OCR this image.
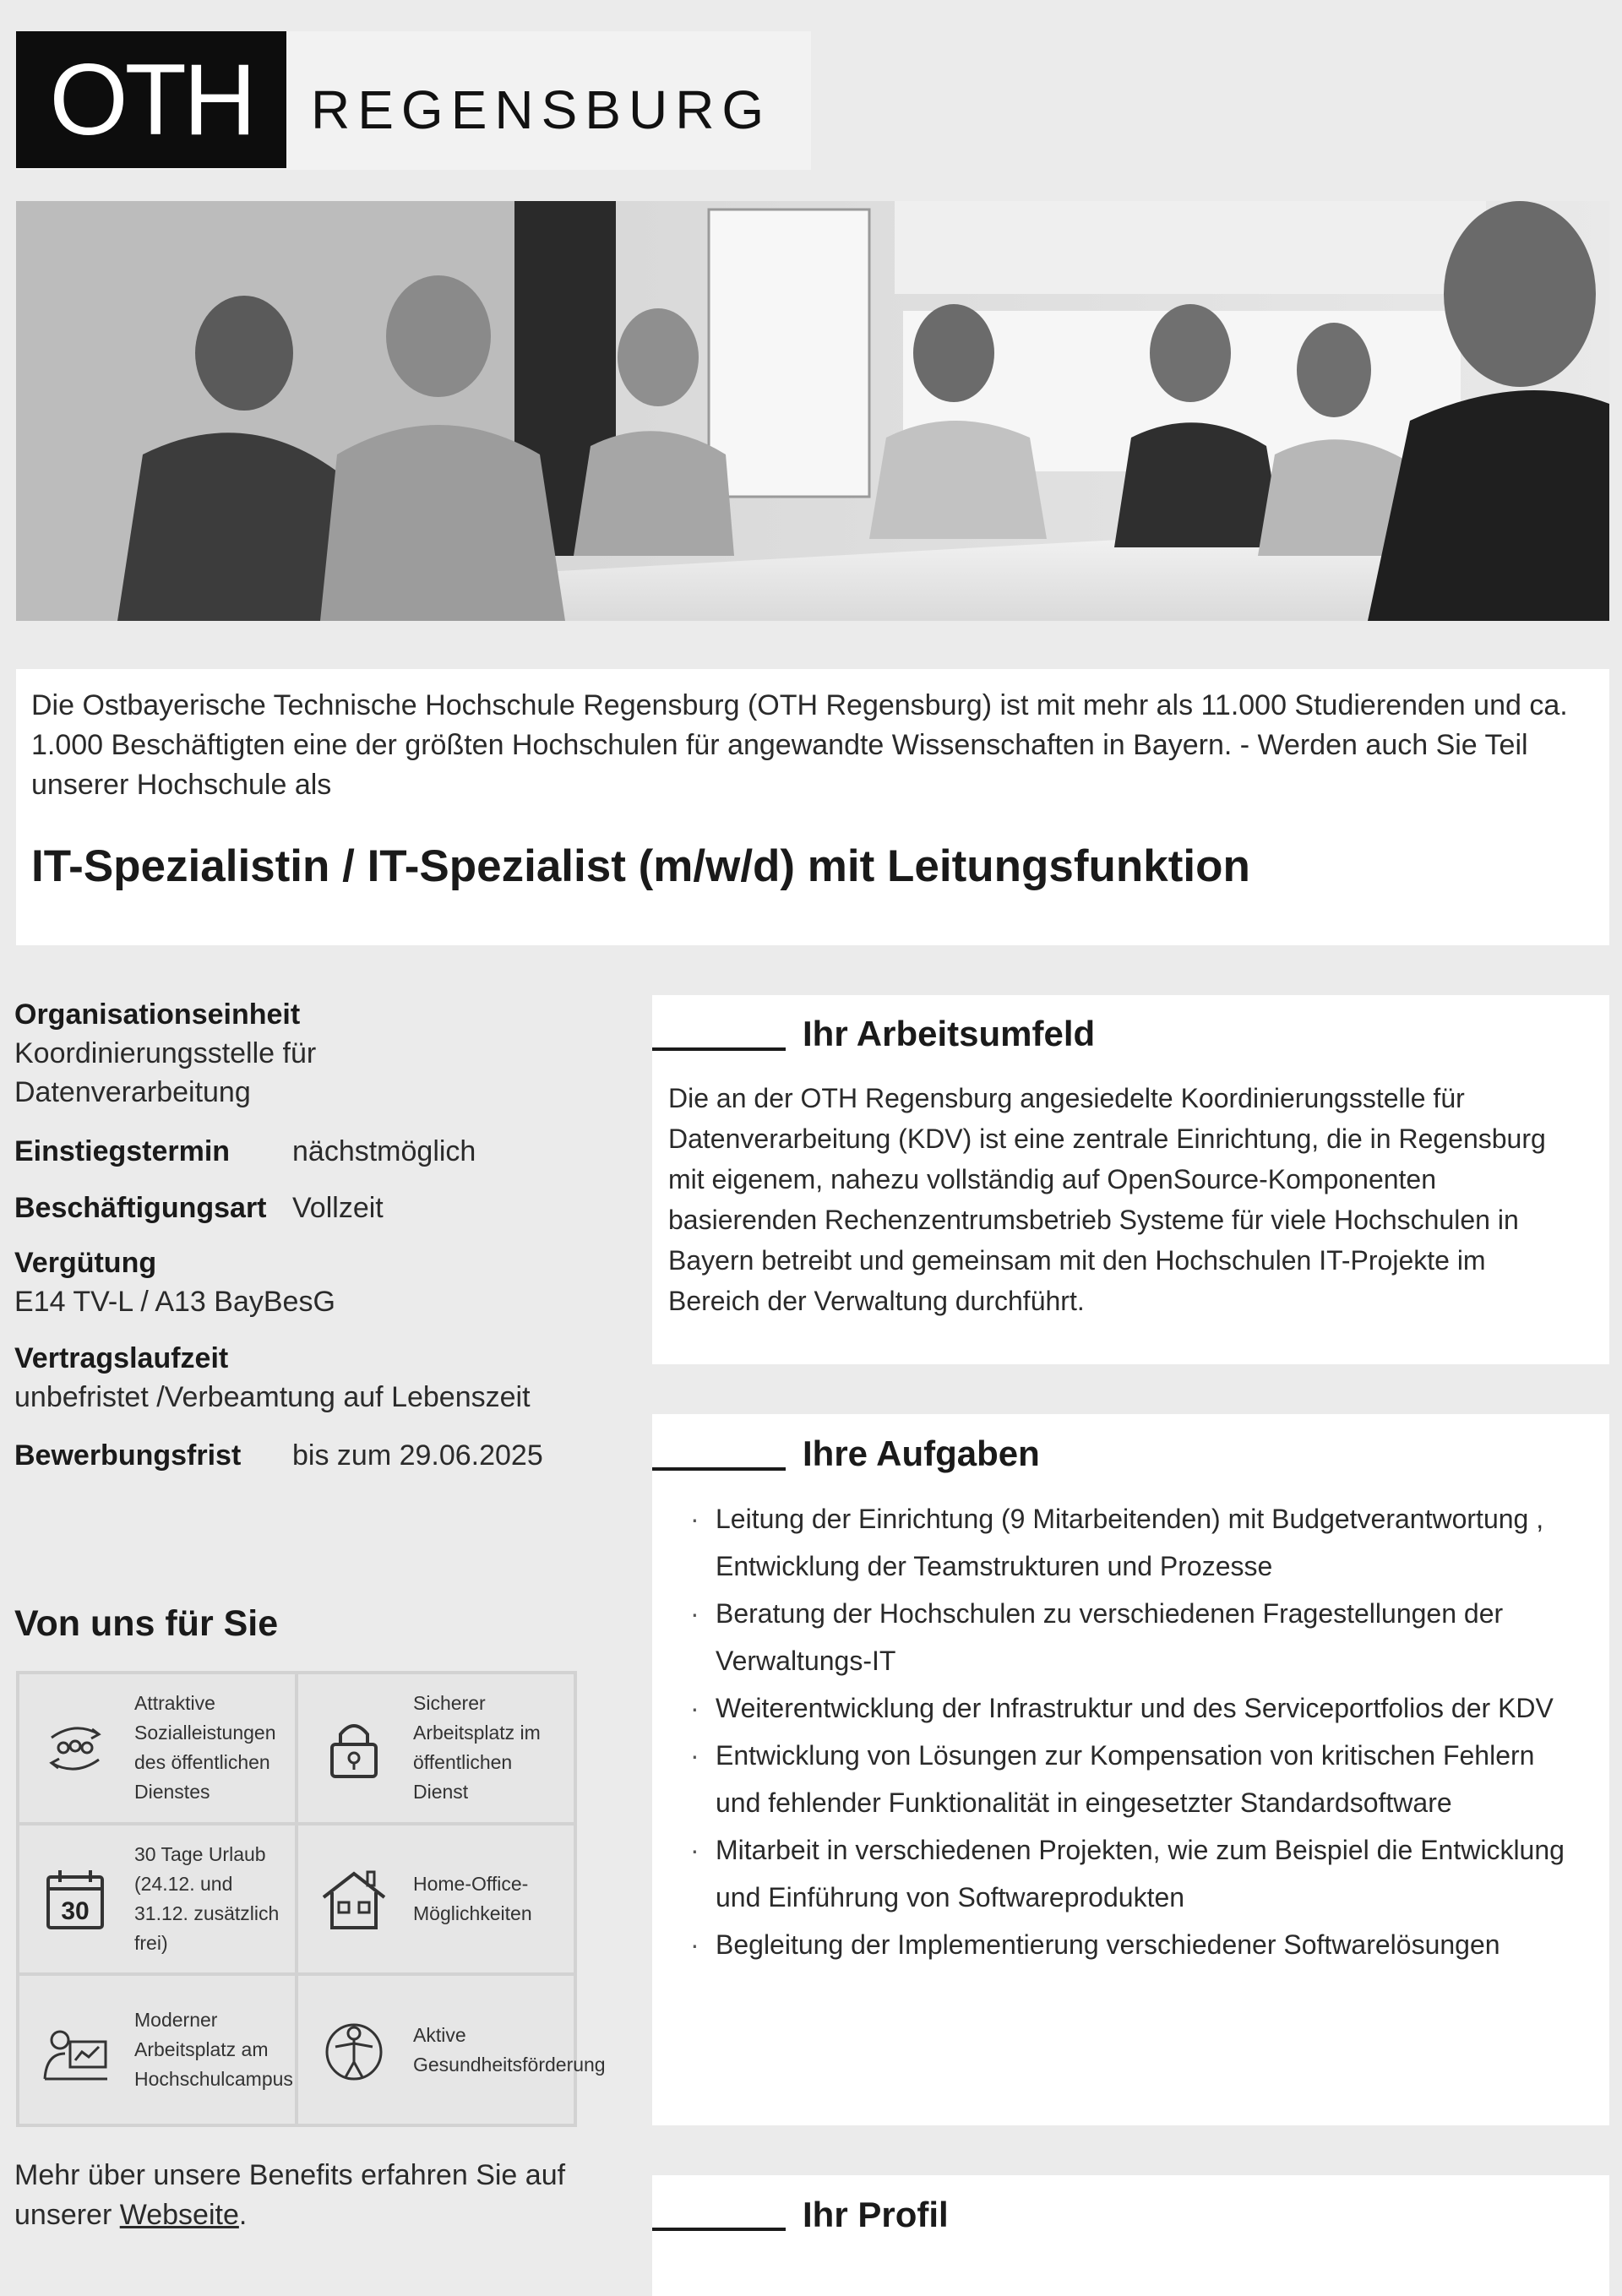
OTH	REGENSBURG
Die Ostbayerische Technische Hochschule Regensburg (OTH Regensburg) ist mit mehr als 11.000 Studierenden und ca. 1.000 Beschäftigten eine der größten Hochschulen für angewandte Wissenschaften in Bayern. - Werden auch Sie Teil unserer Hochschule als
IT-Spezialistin / IT-Spezialist (m/w/d) mit Leitungsfunktion
Organisationseinheit
Koordinierungsstelle für Datenverarbeitung
Einstiegstermin nächstmöglich
Beschäftigungsart Vollzeit
Vergütung
E14 TV-L / A13 BayBesG
Vertragslaufzeit
unbefristet /Verbeamtung auf Lebenszeit
Bewerbungsfrist bis zum 29.06.2025
Von uns für Sie
Attraktive Sozialleistungen des öffentlichen Dienstes
Sicherer Arbeitsplatz im öffentlichen Dienst
30
30 Tage Urlaub (24.12. und 31.12. zusätzlich frei)
Home-Office-Möglichkeiten
Moderner Arbeitsplatz am Hochschulcampus
Aktive Gesundheitsförderung
Mehr über unsere Benefits erfahren Sie auf unserer Webseite.
Ihr Arbeitsumfeld
Die an der OTH Regensburg angesiedelte Koordinierungsstelle für Datenverarbeitung (KDV) ist eine zentrale Einrichtung, die in Regensburg mit eigenem, nahezu vollständig auf OpenSource-Komponenten basierenden Rechenzentrumsbetrieb Systeme für viele Hochschulen in Bayern betreibt und gemeinsam mit den Hochschulen IT-Projekte im Bereich der Verwaltung durchführt.
Ihre Aufgaben
· Leitung der Einrichtung (9 Mitarbeitenden) mit Budgetverantwortung , Entwicklung der Teamstrukturen und Prozesse
· Beratung der Hochschulen zu verschiedenen Fragestellungen der Verwaltungs-IT
· Weiterentwicklung der Infrastruktur und des Serviceportfolios der KDV
· Entwicklung von Lösungen zur Kompensation von kritischen Fehlern und fehlender Funktionalität in eingesetzter Standardsoftware
· Mitarbeit in verschiedenen Projekten, wie zum Beispiel die Entwicklung und Einführung von Softwareprodukten
· Begleitung der Implementierung verschiedener Softwarelösungen
Ihr Profil
